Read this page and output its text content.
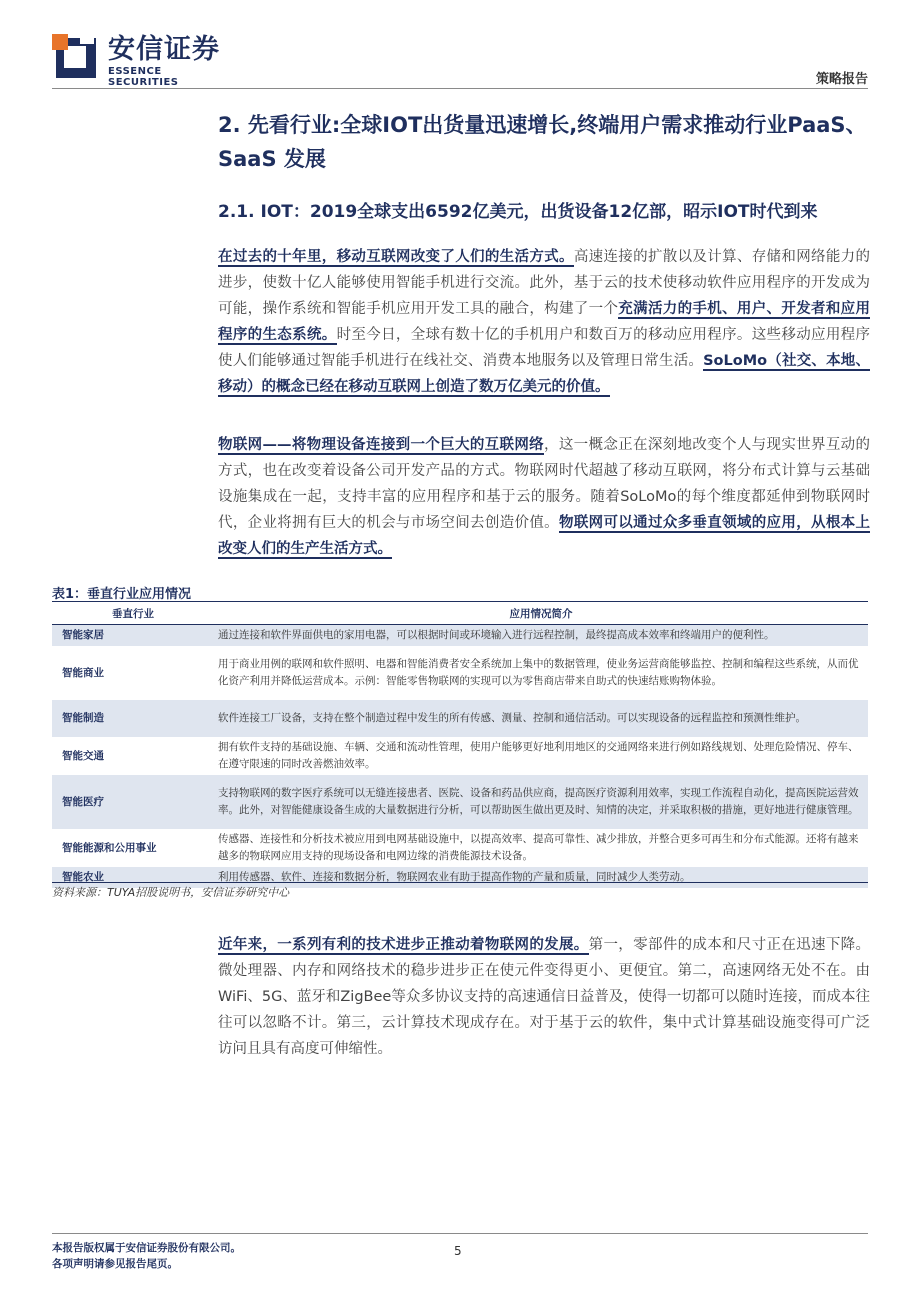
安信证券
ESSENCE SECURITIES	策略报告
2. 先看行业:全球IOT出货量迅速增长,终端用户需求推动行业PaaS、
SaaS 发展
2.1. IOT：2019全球支出6592亿美元，出货设备12亿部，昭示IOT时代到来
在过去的十年里，移动互联网改变了人们的生活方式。高速连接的扩散以及计算、存储和网络能力的进步，使数十亿人能够使用智能手机进行交流。此外，基于云的技术使移动软件应用程序的开发成为可能，操作系统和智能手机应用开发工具的融合，构建了一个充满活力的手机、用户、开发者和应用程序的生态系统。时至今日，全球有数十亿的手机用户和数百万的移动应用程序。这些移动应用程序使人们能够通过智能手机进行在线社交、消费本地服务以及管理日常生活。SoLoMo（社交、本地、移动）的概念已经在移动互联网上创造了数万亿美元的价值。
物联网——将物理设备连接到一个巨大的互联网络，这一概念正在深刻地改变个人与现实世界互动的方式，也在改变着设备公司开发产品的方式。物联网时代超越了移动互联网，将分布式计算与云基础设施集成在一起，支持丰富的应用程序和基于云的服务。随着SoLoMo的每个维度都延伸到物联网时代，企业将拥有巨大的机会与市场空间去创造价值。物联网可以通过众多垂直领域的应用，从根本上改变人们的生产生活方式。
表1：垂直行业应用情况
垂直行业	应用情况简介
智能家居	通过连接和软件界面供电的家用电器，可以根据时间或环境输入进行远程控制，最终提高成本效率和终端用户的便利性。
智能商业	用于商业用例的联网和软件照明、电器和智能消费者安全系统加上集中的数据管理，使业务运营商能够监控、控制和编程这些系统，从而优化资产利用并降低运营成本。示例：智能零售物联网的实现可以为零售商店带来自助式的快速结账购物体验。
智能制造	软件连接工厂设备，支持在整个制造过程中发生的所有传感、测量、控制和通信活动。可以实现设备的远程监控和预测性维护。
智能交通	拥有软件支持的基础设施、车辆、交通和流动性管理，使用户能够更好地利用地区的交通网络来进行例如路线规划、处理危险情况、停车、在遵守限速的同时改善燃油效率。
智能医疗	支持物联网的数字医疗系统可以无缝连接患者、医院、设备和药品供应商，提高医疗资源利用效率，实现工作流程自动化，提高医院运营效率。此外，对智能健康设备生成的大量数据进行分析，可以帮助医生做出更及时、知情的决定，并采取积极的措施，更好地进行健康管理。
智能能源和公用事业	传感器、连接性和分析技术被应用到电网基础设施中，以提高效率、提高可靠性、减少排放，并整合更多可再生和分布式能源。还将有越来越多的物联网应用支持的现场设备和电网边缘的消费能源技术设备。
智能农业	利用传感器、软件、连接和数据分析，物联网农业有助于提高作物的产量和质量，同时减少人类劳动。
资料来源：TUYA招股说明书，安信证券研究中心
近年来，一系列有利的技术进步正推动着物联网的发展。第一，零部件的成本和尺寸正在迅速下降。微处理器、内存和网络技术的稳步进步正在使元件变得更小、更便宜。第二，高速网络无处不在。由WiFi、5G、蓝牙和ZigBee等众多协议支持的高速通信日益普及，使得一切都可以随时连接，而成本往往可以忽略不计。第三，云计算技术现成存在。对于基于云的软件，集中式计算基础设施变得可广泛访问且具有高度可伸缩性。
本报告版权属于安信证券股份有限公司。
各项声明请参见报告尾页。
5
